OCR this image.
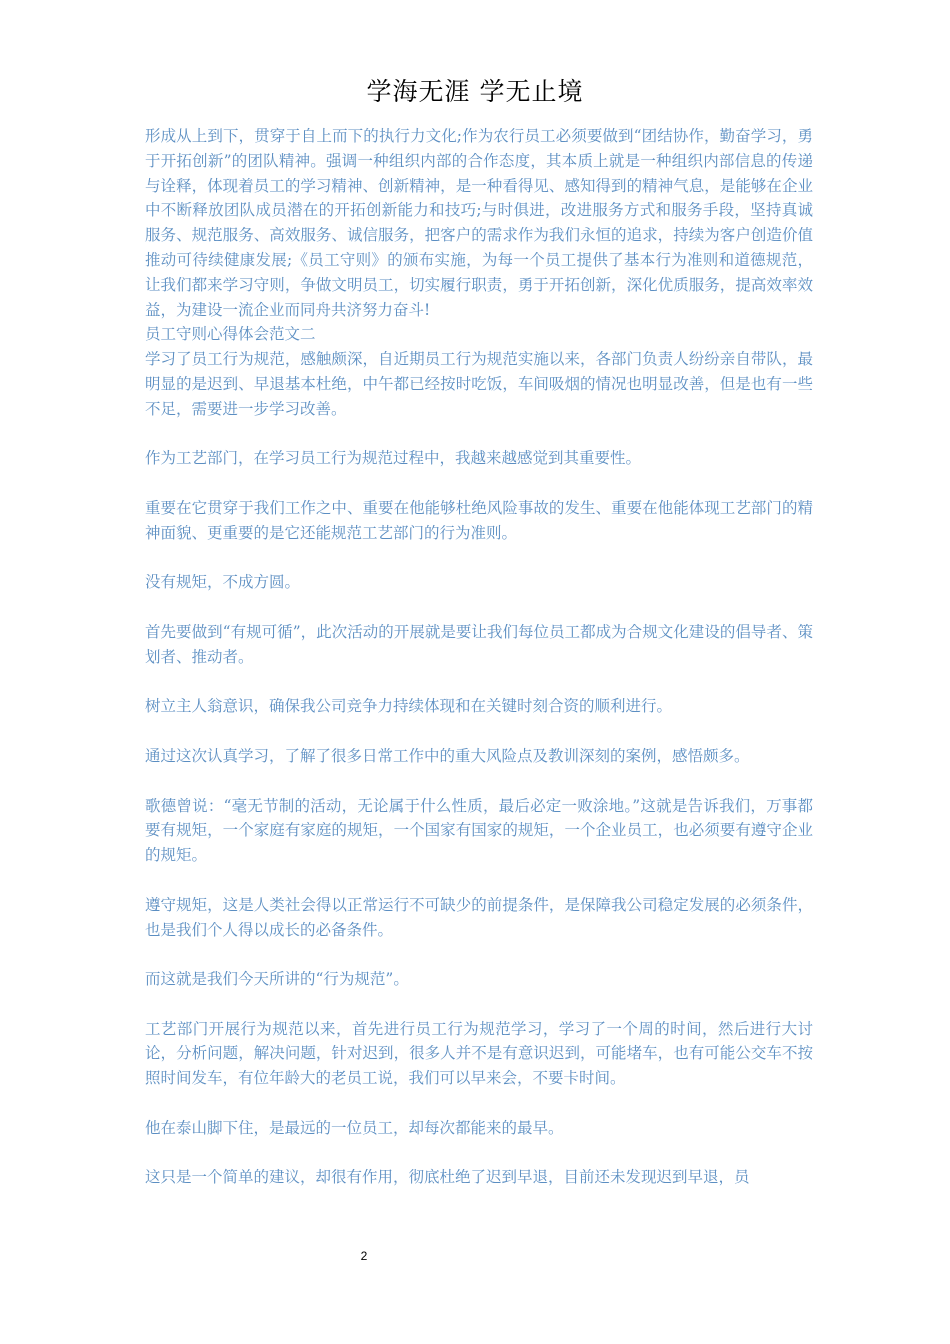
学海无涯 学无止境

形成从上到下，贯穿于自上而下的执行力文化;作为农行员工必须要做到“团结协作，勤奋学习，勇于开拓创新”的团队精神。强调一种组织内部的合作态度，其本质上就是一种组织内部信息的传递与诠释，体现着员工的学习精神、创新精神，是一种看得见、感知得到的精神气息，是能够在企业中不断释放团队成员潜在的开拓创新能力和技巧;与时俱进，改进服务方式和服务手段，坚持真诚服务、规范服务、高效服务、诚信服务，把客户的需求作为我们永恒的追求，持续为客户创造价值推动可待续健康发展;《员工守则》的颁布实施，为每一个员工提供了基本行为准则和道德规范，让我们都来学习守则，争做文明员工，切实履行职责，勇于开拓创新，深化优质服务，提高效率效益，为建设一流企业而同舟共济努力奋斗!

员工守则心得体会范文二

学习了员工行为规范，感触颇深，自近期员工行为规范实施以来，各部门负责人纷纷亲自带队，最明显的是迟到、早退基本杜绝，中午都已经按时吃饭，车间吸烟的情况也明显改善，但是也有一些不足，需要进一步学习改善。

作为工艺部门，在学习员工行为规范过程中，我越来越感觉到其重要性。

重要在它贯穿于我们工作之中、重要在他能够杜绝风险事故的发生、重要在他能体现工艺部门的精神面貌、更重要的是它还能规范工艺部门的行为准则。

没有规矩，不成方圆。

首先要做到“有规可循”，此次活动的开展就是要让我们每位员工都成为合规文化建设的倡导者、策划者、推动者。

树立主人翁意识，确保我公司竞争力持续体现和在关键时刻合资的顺利进行。

通过这次认真学习，了解了很多日常工作中的重大风险点及教训深刻的案例，感悟颇多。

歌德曾说：“毫无节制的活动，无论属于什么性质，最后必定一败涂地。”这就是告诉我们，万事都要有规矩，一个家庭有家庭的规矩，一个国家有国家的规矩，一个企业员工，也必须要有遵守企业的规矩。

遵守规矩，这是人类社会得以正常运行不可缺少的前提条件，是保障我公司稳定发展的必须条件，也是我们个人得以成长的必备条件。

而这就是我们今天所讲的“行为规范”。

工艺部门开展行为规范以来，首先进行员工行为规范学习，学习了一个周的时间，然后进行大讨论，分析问题，解决问题，针对迟到，很多人并不是有意识迟到，可能堵车，也有可能公交车不按照时间发车，有位年龄大的老员工说，我们可以早来会，不要卡时间。

他在泰山脚下住，是最远的一位员工，却每次都能来的最早。

这只是一个简单的建议，却很有作用，彻底杜绝了迟到早退，目前还未发现迟到早退，员

2
